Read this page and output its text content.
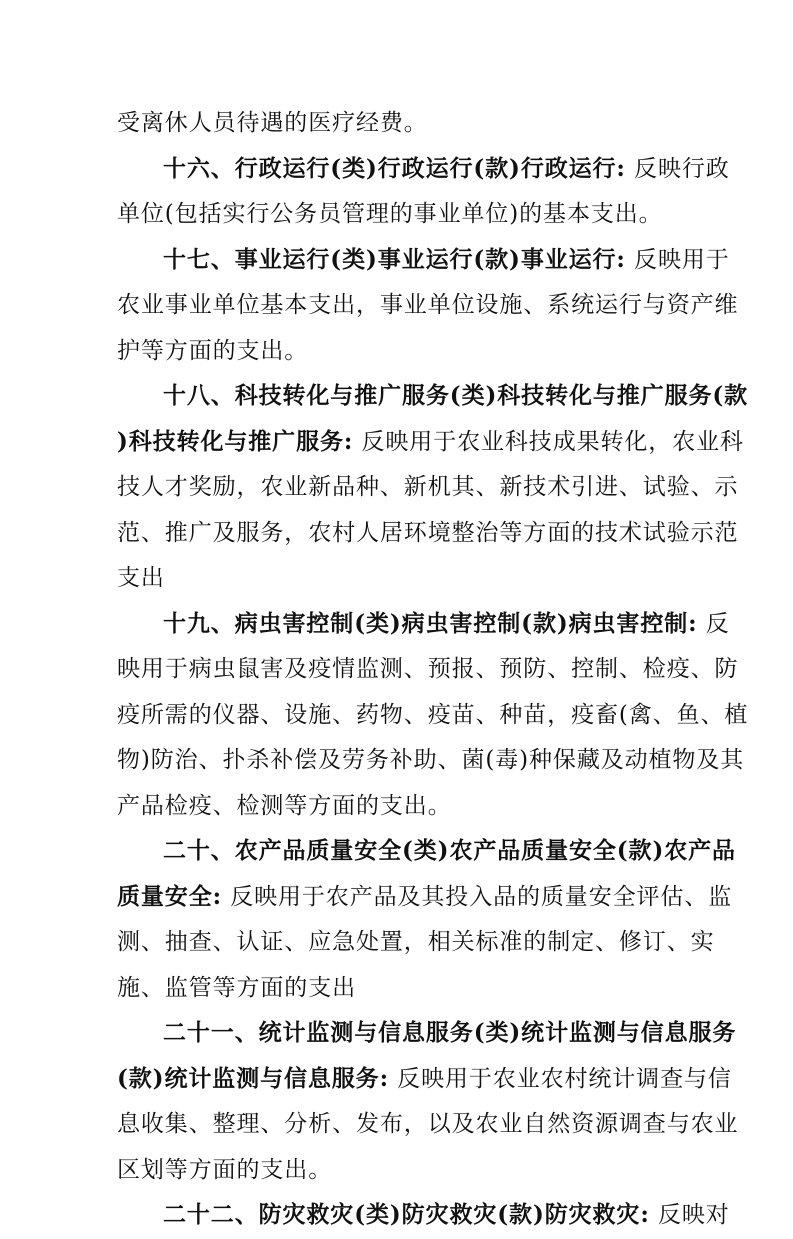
受离休人员待遇的医疗经费。
十六、行政运行(类)行政运行(款)行政运行: 反映行政
单位(包括实行公务员管理的事业单位)的基本支出。
十七、事业运行(类)事业运行(款)事业运行: 反映用于
农业事业单位基本支出，事业单位设施、系统运行与资产维
护等方面的支出。
十八、科技转化与推广服务(类)科技转化与推广服务(款
)科技转化与推广服务: 反映用于农业科技成果转化，农业科
技人才奖励，农业新品种、新机其、新技术引进、试验、示
范、推广及服务，农村人居环境整治等方面的技术试验示范
支出
十九、病虫害控制(类)病虫害控制(款)病虫害控制: 反
映用于病虫鼠害及疫情监测、预报、预防、控制、检疫、防
疫所需的仪器、设施、药物、疫苗、种苗，疫畜(禽、鱼、植
物)防治、扑杀补偿及劳务补助、菌(毒)种保藏及动植物及其
产品检疫、检测等方面的支出。
二十、农产品质量安全(类)农产品质量安全(款)农产品
质量安全: 反映用于农产品及其投入品的质量安全评估、监
测、抽查、认证、应急处置，相关标准的制定、修订、实
施、监管等方面的支出
二十一、统计监测与信息服务(类)统计监测与信息服务
(款)统计监测与信息服务: 反映用于农业农村统计调查与信
息收集、整理、分析、发布，以及农业自然资源调查与农业
区划等方面的支出。
二十二、防灾救灾(类)防灾救灾(款)防灾救灾: 反映对
